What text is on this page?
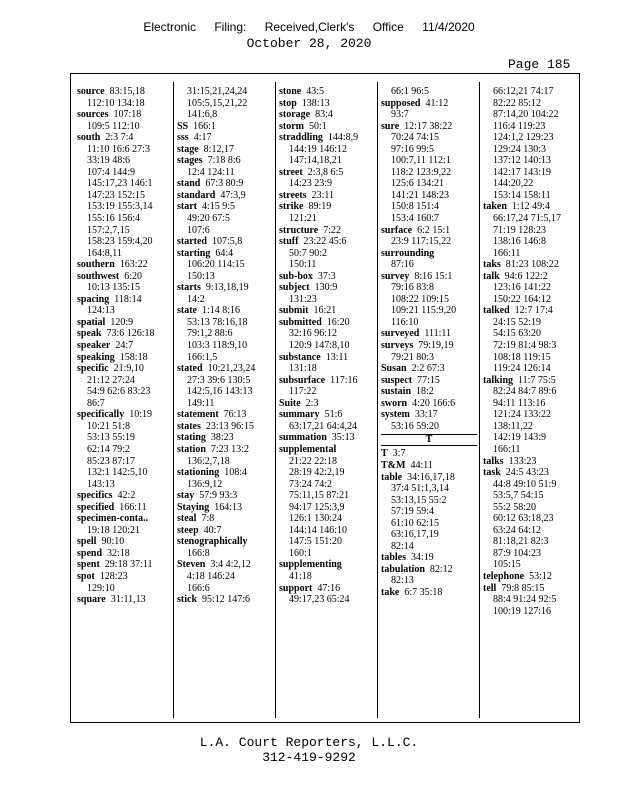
Electronic Filing: Received,Clerk's Office 11/4/2020
October 28, 2020
Page 185
source 83:15,18
112:10 134:18
sources 107:18
109:5 112:10
south 2:3 7:4
11:10 16:6 27:3
33:19 48:6
107:4 144:9
145:17,23 146:1
147:23 152:15
153:19 155:3,14
155:16 156:4
157:2,7,15
158:23 159:4,20
164:8,11
southern 163:22
southwest 6:20
10:13 135:15
spacing 118:14
124:13
spatial 120:9
speak 73:6 126:18
speaker 24:7
speaking 158:18
specific 21:9,10
21:12 27:24
54:9 62:6 83:23
86:7
specifically 10:19
10:21 51:8
53:13 55:19
62:14 79:2
85:23 87:17
132:1 142:5,10
143:13
specifics 42:2
specified 166:11
specimen-conta..
19:18 120:21
spell 90:10
spend 32:18
spent 29:18 37:11
spot 128:23
129:10
square 31:11,13
31:15,21,24,24
105:5,15,21,22
141:6,8
SS 166:1
sss 4:17
stage 8:12,17
stages 7:18 8:6
12:4 124:11
stand 67:3 80:9
standard 47:3,9
start 4:15 9:5
49:20 67:5
107:6
started 107:5,8
starting 64:4
106:20 114:15
150:13
starts 9:13,18,19
14:2
state 1:14 8:16
53:13 78:16,18
79:1,2 88:6
103:3 118:9,10
166:1,5
stated 10:21,23,24
27:3 39:6 130:5
142:5,16 143:13
149:11
statement 76:13
states 23:13 96:15
stating 38:23
station 7:23 13:2
136:2,7,18
stationing 108:4
136:9,12
stay 57:9 93:3
Staying 164:13
steal 7:8
steep 40:7
stenographically
166:8
Steven 3:4 4:2,12
4:18 146:24
166:6
stick 95:12 147:6
stone 43:5
stop 138:13
storage 83:4
storm 50:1
straddling 144:8,9
144:19 146:12
147:14,18,21
street 2:3,8 6:5
14:23 23:9
streets 23:11
strike 89:19
121:21
structure 7:22
stuff 23:22 45:6
50:7 90:2
150:11
sub-box 37:3
subject 130:9
131:23
submit 16:21
submitted 16:20
32:16 96:12
120:9 147:8,10
substance 13:11
131:18
subsurface 117:16
117:22
Suite 2:3
summary 51:6
63:17,21 64:4,24
summation 35:13
supplemental
21:22 22:18
28:19 42:2,19
73:24 74:2
75:11,15 87:21
94:17 125:3,9
126:1 130:24
144:14 146:10
147:5 151:20
160:1
supplementing
41:18
support 47:16
49:17,23 65:24
66:1 96:5
supposed 41:12
93:7
sure 12:17 38:22
70:24 74:15
97:16 99:5
100:7,11 112:1
118:2 123:9,22
125:6 134:21
141:21 148:23
150:8 151:4
153:4 160:7
surface 6:2 15:1
23:9 117:15,22
surrounding
87:16
survey 8:16 15:1
79:16 83:8
108:22 109:15
109:21 115:9,20
116:10
surveyed 111:11
surveys 79:19,19
79:21 80:3
Susan 2:2 67:3
suspect 77:15
sustain 18:2
sworn 4:20 166:6
system 33:17
53:16 59:20
T
T 3:7
T&M 44:11
table 34:16,17,18
37:4 51:1,3,14
53:13,15 55:2
57:19 59:4
61:10 62:15
63:16,17,19
82:14
tables 34:19
tabulation 82:12
82:13
take 6:7 35:18
66:12,21 74:17
82:22 85:12
87:14,20 104:22
116:4 119:23
124:1,2 129:23
129:24 130:3
137:12 140:13
142:17 143:19
144:20,22
153:14 158:11
taken 1:12 49:4
66:17,24 71:5,17
71:19 128:23
138:16 146:8
166:11
taks 81:23 108:22
talk 94:6 122:2
123:16 141:22
150:22 164:12
talked 12:7 17:4
24:15 52:19
54:15 63:20
72:19 81:4 98:3
108:18 119:15
119:24 126:14
talking 11:7 75:5
82:24 84:7 89:6
94:11 113:16
121:24 133:22
138:11,22
142:19 143:9
166:11
talks 133:23
task 24:5 43:23
44:8 49:10 51:9
53:5,7 54:15
55:2 58:20
60:12 63:18,23
63:24 64:12
81:18,21 82:3
87:9 104:23
105:15
telephone 53:12
tell 79:8 85:15
88:4 91:24 92:5
100:19 127:16
L.A. Court Reporters, L.L.C.
312-419-9292
